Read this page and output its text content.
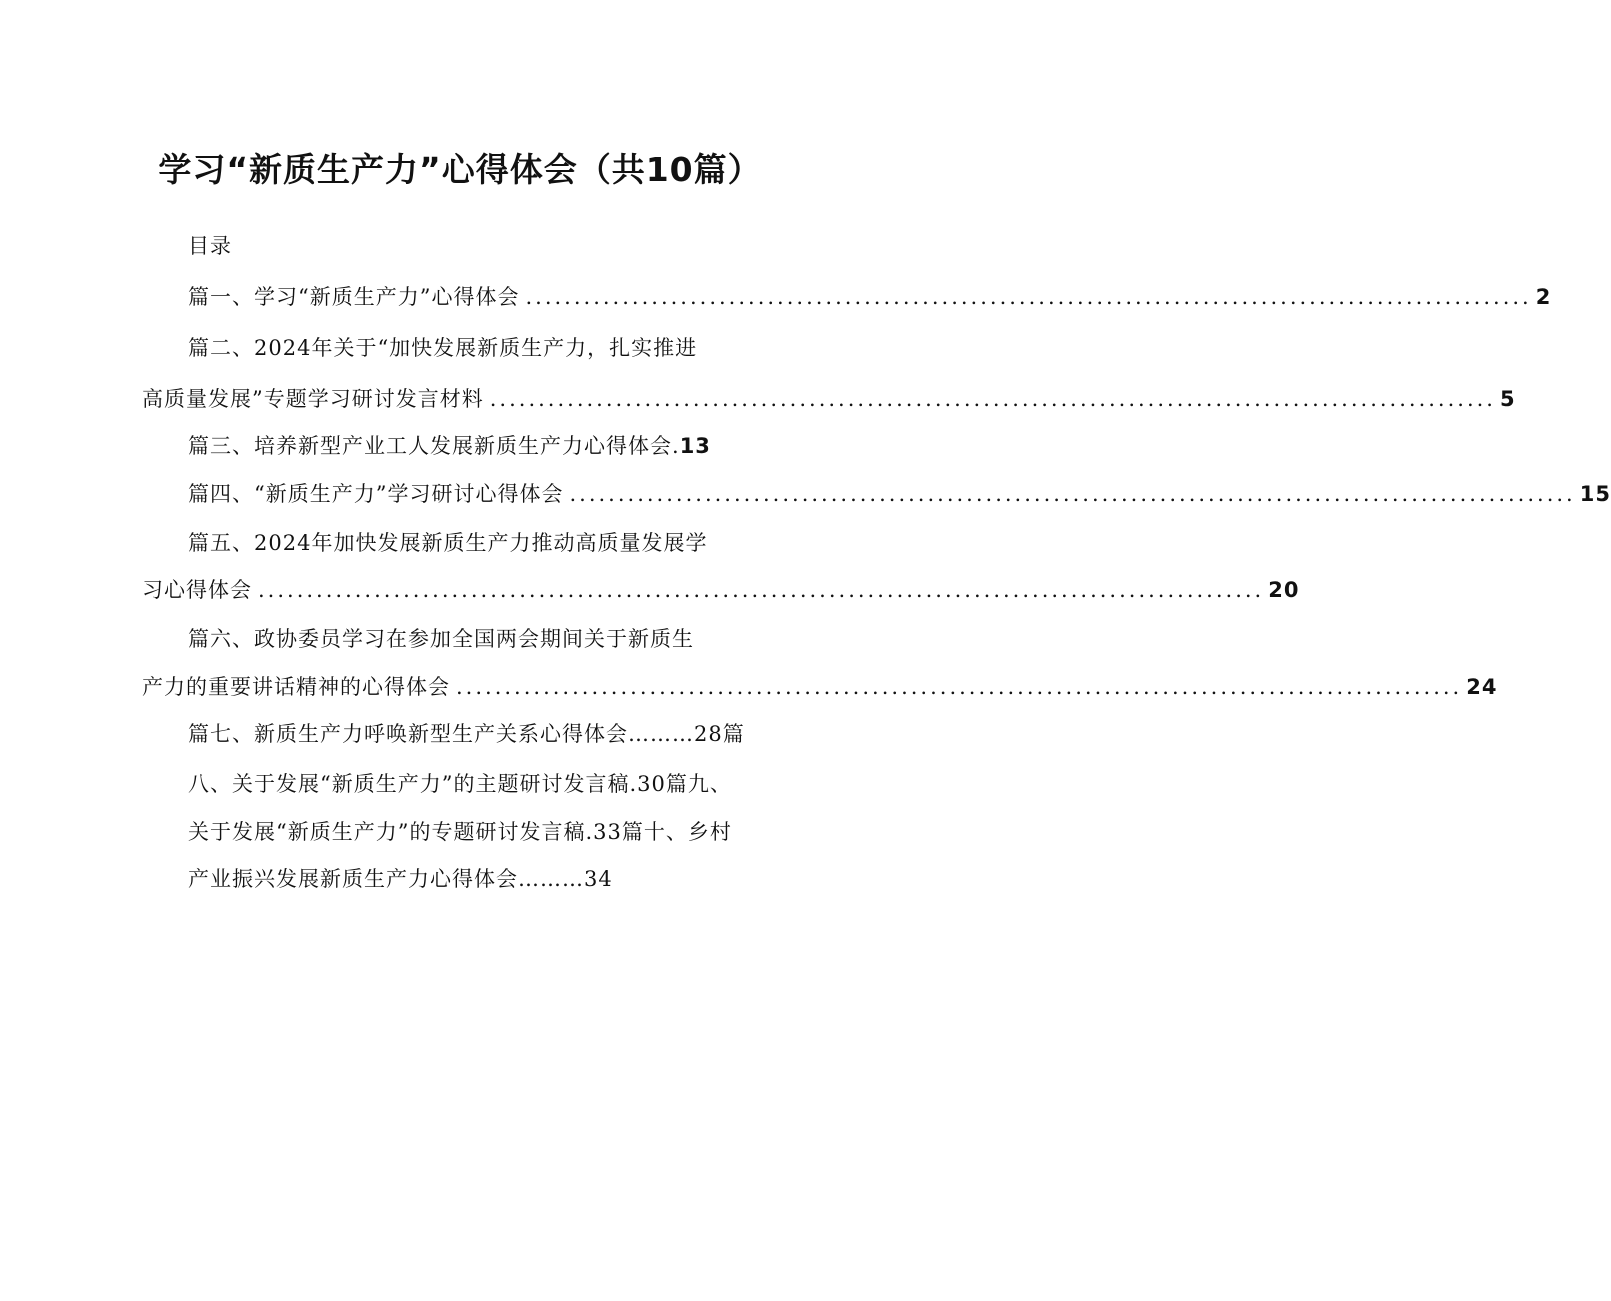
学习“新质生产力”心得体会（共10篇）
目录
篇一、学习“新质生产力”心得体会 ........................................................................................................ 2
篇二、2024年关于“加快发展新质生产力，扎实推进
高质量发展”专题学习研讨发言材料 ........................................................................................................ 5
篇三、培养新型产业工人发展新质生产力心得体会.13
篇四、“新质生产力”学习研讨心得体会 ........................................................................................................ 15
篇五、2024年加快发展新质生产力推动高质量发展学
习心得体会 ........................................................................................................ 20
篇六、政协委员学习在参加全国两会期间关于新质生
产力的重要讲话精神的心得体会 ........................................................................................................ 24
篇七、新质生产力呼唤新型生产关系心得体会………28篇
八、关于发展“新质生产力”的主题研讨发言稿.30篇九、
关于发展“新质生产力”的专题研讨发言稿.33篇十、乡村
产业振兴发展新质生产力心得体会………34
